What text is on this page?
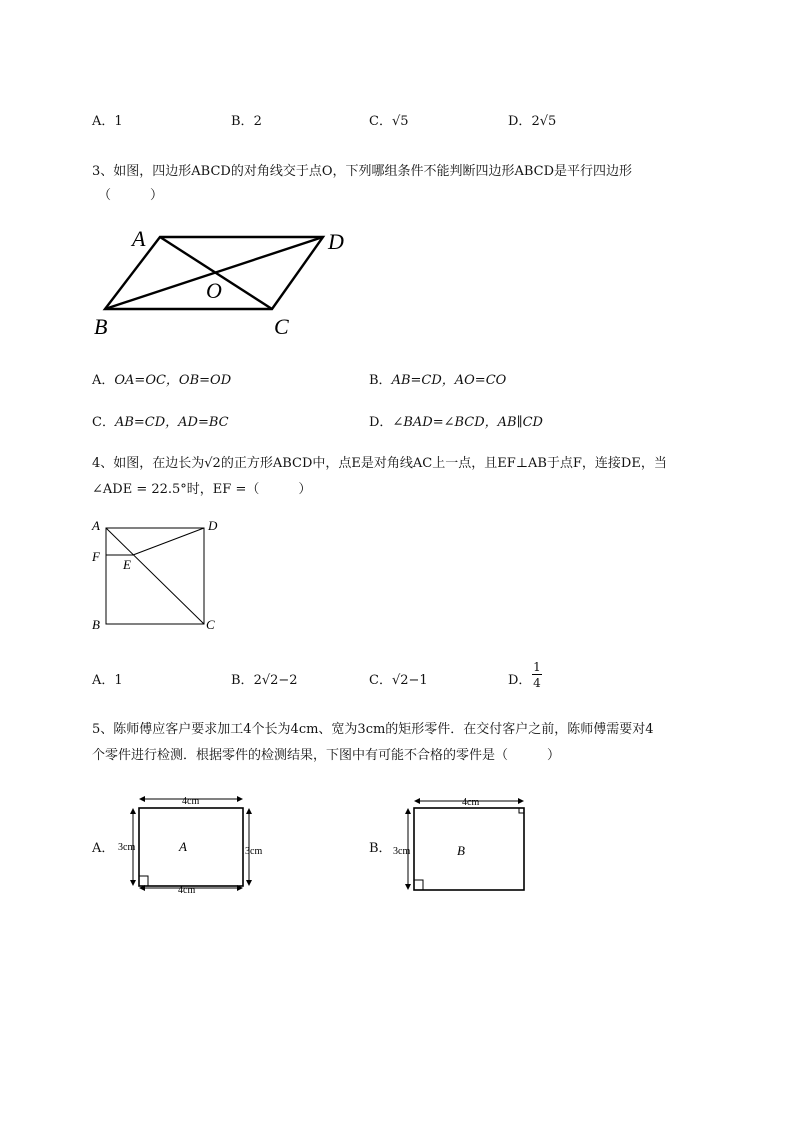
A．1	B．2	C．√5	D．2√5
3、如图，四边形ABCD的对角线交于点O，下列哪组条件不能判断四边形ABCD是平行四边形
（　　　）
A	D
O
B	C
A．OA=OC，OB=OD	B．AB=CD，AO=CO
C．AB=CD，AD=BC	D．∠BAD=∠BCD，AB∥CD
4、如图，在边长为√2的正方形ABCD中，点E是对角线AC上一点，且EF⊥AB于点F，连接DE，当
∠ADE = 22.5°时，EF =（　　　）
A	D
F
E
B	C
A．1	B．2√2−2	C．√2−1	D．
1
4
5、陈师傅应客户要求加工4个长为4cm、宽为3cm的矩形零件．在交付客户之前，陈师傅需要对4
个零件进行检测．根据零件的检测结果，下图中有可能不合格的零件是（　　　）
A．
4cm
4cm
3cm	3cm
A	B．
4cm
3cm	B
